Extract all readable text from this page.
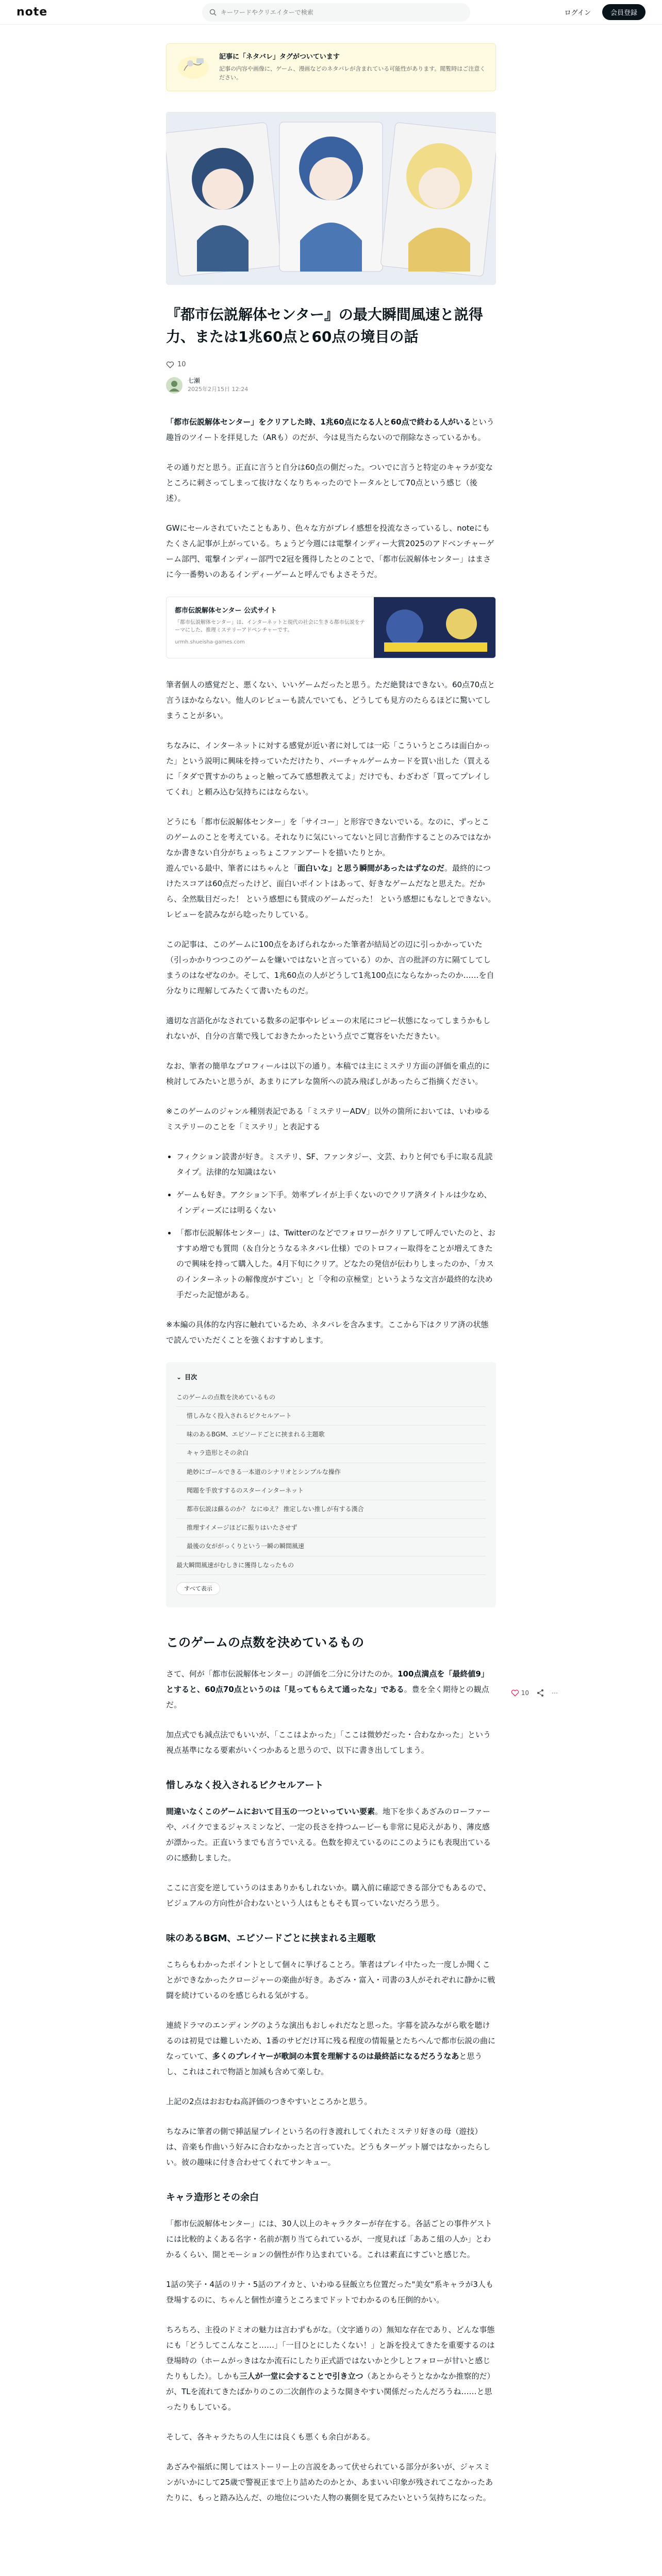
note
キーワードやクリエイターで検索	ログイン	会員登録
記事に「ネタバレ」タグがついています
記事の内容や画像に、ゲーム、漫画などのネタバレが含まれている可能性があります。閲覧時はご注意ください。
『都市伝説解体センター』の最大瞬間風速と説得力、または1兆60点と60点の境目の話
10
七瀬
2025年2月15日 12:24

「都市伝説解体センター」をクリアした時、1兆60点になる人と60点で終わる人がいるという趣旨のツイートを拝見した（ARも）のだが、今は見当たらないので削除なさっているかも。

その通りだと思う。正直に言うと自分は60点の側だった。ついでに言うと特定のキャラが変なところに刺さってしまって抜けなくなりちゃったのでトータルとして70点という感じ（後述）。

GWにセールされていたこともあり、色々な方がプレイ感想を投流なさっているし、noteにもたくさん記事が上がっている。ちょうど今週には電撃インディー大賞2025のアドベンチャーゲーム部門、電撃インディー部門で2冠を獲得したとのことで、「都市伝説解体センター」はまさに今一番勢いのあるインディーゲームと呼んでもよさそうだ。

都市伝説解体センター 公式サイト
「都市伝説解体センター」は、インターネットと現代の社会に生きる都市伝説をテーマにした、推理ミステリーアドベンチャーです。
urmh.shueisha-games.com

筆者個人の感覚だと、悪くない、いいゲームだったと思う。ただ絶賛はできない。60点70点と言うほかならない。他人のレビューも読んでいても、どうしても見方のたらるほどに驚いてしまうことが多い。

ちなみに、インターネットに対する感覚が近い者に対しては一応「こういうところは面白かった」という説明に興味を持っていただけたり、バーチャルゲームカードを買い出した（買えるに「タダで貰すかのちょっと触ってみて感想教えてよ」だけでも、わざわざ「買ってプレイしてくれ」と頼み込む気持ちにはならない。

どうにも「都市伝説解体センター」を「サイコー」と形容できないでいる。なのに、ずっとこのゲームのことを考えている。それなりに気にいってないと同じ言動作することのみではなかなか書きない自分がちょっちょこファンアートを描いたりとか。
遊んでいる最中、筆者にはちゃんと「面白いな」と思う瞬間があったはずなのだ。最終的につけたスコアは60点だったけど、面白いポイントはあって、好きなゲームだなと思えた。だから、全然駄目だった！ という感想にも賛成のゲームだった！ という感想にもなしとできない。レビューを読みながら唸ったりしている。

この記事は、このゲームに100点をあげられなかった筆者が結局どの辺に引っかかっていた（引っかかりつつこのゲームを嫌いではないと言っている）のか、言の批評の方に隔てしてしまうのはなぜなのか。そして、1兆60点の人がどうして1兆100点にならなかったのか……を自分なりに理解してみたくて書いたものだ。

適切な言語化がなされている数多の記事やレビューの末尾にコピー状態になってしまうかもしれないが、自分の言葉で残しておきたかったという点でご寛容をいただきたい。

なお、筆者の簡単なプロフィールは以下の通り。本稿では主にミステリ方面の評価を重点的に検討してみたいと思うが、あまりにアレな箇所への読み飛ばしがあったらご指摘ください。

※このゲームのジャンル種別表記である「ミステリーADV」以外の箇所においては、いわゆるミステリーのことを「ミステリ」と表記する

• フィクション読書が好き。ミステリ、SF、ファンタジー、文芸、わりと何でも手に取る乱読タイプ。法律的な知識はない
• ゲームも好き。アクション下手。効率プレイが上手くないのでクリア済タイトルは少なめ、インディーズには明るくない
• 「都市伝説解体センター」は、Twitterのなどでフォロワーがクリアして呼んでいたのと、おすすめ増でも質問（＆自分とうなるネタバレ仕様）でのトロフィー取得をことが増えてきたので興味を持って購入した。4月下旬にクリア。どなたの発信が伝わりしまったのか、「カスのインターネットの解像度がすごい」と「令和の京極堂」というような文言が最終的な決め手だった記憶がある。

※本編の具体的な内容に触れているため、ネタバレを含みます。ここから下はクリア済の状態で読んでいただくことを強くおすすめします。

⌄ 目次
このゲームの点数を決めているもの
惜しみなく投入されるピクセルアート
味のあるBGM、エピソードごとに挟まれる主題歌
キャラ造形とその余白
絶妙にゴールできる一本道のシナリオとシンプルな操作
聞題を手放すするのスターインターネット
都市伝説は蘇るのか？ なにゆえ？ 推定しない推しが有する漢合
推理すイメージほどに振りはいたさせず
最後の女ががっくりという一瞬の瞬間風速
最大瞬間風速がむしきに獲得しなったもの
すべて表示
このゲームの点数を決めているもの

さて、何が「都市伝説解体センター」の評価を二分に分けたのか。100点満点を「最終値9」とすると、60点70点というのは「見ってもらえて通ったな」である。豊を全く期待との観点だ。

加点式でも減点法でもいいが、「ここはよかった」「ここは微妙だった・合わなかった」という視点基準になる要素がいくつかあると思うので、以下に書き出してしまう。

惜しみなく投入されるピクセルアート

間違いなくこのゲームにおいて目玉の一つといっていい要素。地下を歩くあざみのローファーや、バイクでまるジャスミンなど、一定の長さを持つムービーも非常に見応えがあり、薄皮感が漂かった。正直いうまでも言うでいえる。色数を抑えているのにこのようにも表現出ているのに感動しました。

ここに言変を逆していうのはまありかもしれないか。購入前に確認できる部分でもあるので、ビジュアルの方向性が合わないという人はもともそも買っていないだろう思う。

味のあるBGM、エピソードごとに挟まれる主題歌

こちらもわかったポイントとして個々に挙げることろ。筆者はプレイ中たった一度しか聞くことができなかったクロージャーの楽曲が好き。あざみ・富入・司書の3人がそれぞれに静かに戦闘を続けているのを感じられる気がする。

連続ドラマのエンディングのような演出もおしゃれだなと思った。字幕を読みながら歌を聴けるのは初見では難しいため、1番のサビだけ耳に残る程度の情報量とたちへんで都市伝説の曲になっていて、多くのプレイヤーが歌詞の本質を理解するのは最終話になるだろうなあと思うし、これはこれで物語と加減も含めて楽しむ。

上記の2点はおおむね高評価のつきやすいところかと思う。

ちなみに筆者の側で挿話屋プレイという名の行き渡れしてくれたミステリ好きの母（遊技）は、音楽も作曲いう好みに合わなかったと言っていた。どうもターゲット層ではなかったらしい。彼の趣味に付き合わせてくれてサンキュー。

キャラ造形とその余白

「都市伝説解体センター」には、30人以上のキャラクターが存在する。各話ごとの事件ゲストには比較的よくある名字・名前が割り当てられているが、一度見れば「ああこ組の人か」とわかるくらい、開とモーションの個性が作り込まれている。これは素直にすごいと感じた。

1話の笑子・4話のリナ・5話のアイカと、いわゆる昼飯立ち位置だった"美女"系キャラが3人も登場するのに、ちゃんと個性が違うところまでドットでわかるのも圧倒的かい。

ちろちろ、主役のドミオの魅力は言わずもがな。（文字通りの）無知な存在であり、どんな事態にも「どうしてこんなこと……」「一目ひとにしたくない！」と訴を投えてきたを重要するのは登場時の（ホームがっきはなか流石にしたり正式語ではないかと少しとフォローが甘いと感じたりもした）。しかも三人が一堂に会することで引き立つ（あとからそうとなかなか推察的だ）が、TLを流れてきたばかりのこの二次創作のような開きやすい関係だったんだろうね……と思ったりもしている。

そして、各キャラたちの人生には良くも悪くも余白がある。

あざみや福紙に関してはストーリー上の言説をあって伏せられている部分が多いが、ジャスミンがいかにして25歳で警視正まで上り詰めたのかとか、あまいい印象が残されてこなかったあたりに、もっと踏み込んだ、の地位についた人物の裏側を見てみたいという気持ちになった。

10	⋯
